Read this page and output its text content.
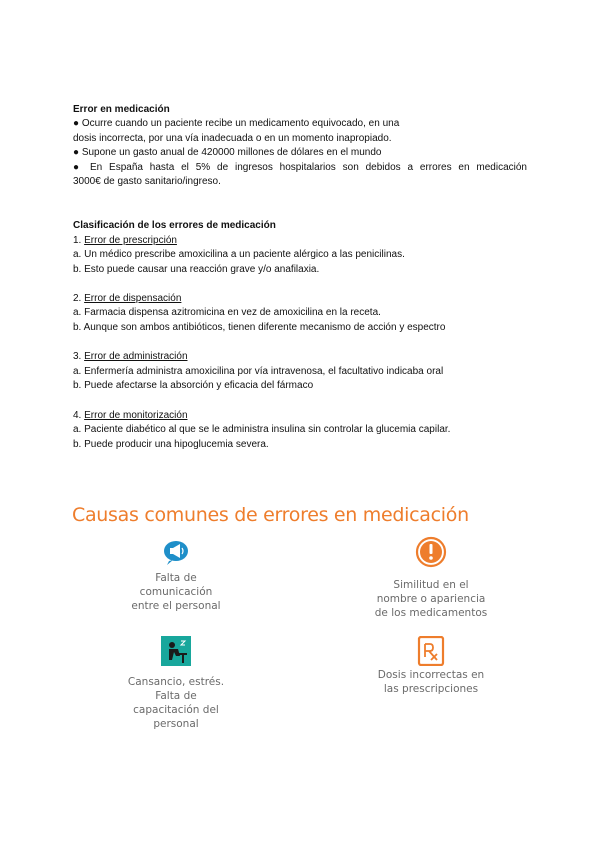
Error en medicación
● Ocurre cuando un paciente recibe un medicamento equivocado, en una
dosis incorrecta, por una vía inadecuada o en un momento inapropiado.
● Supone un gasto anual de 420000 millones de dólares en el mundo
● En España hasta el 5% de ingresos hospitalarios son debidos a errores en medicación
3000€ de gasto sanitario/ingreso.
Clasificación de los errores de medicación
1. Error de prescripción
a. Un médico prescribe amoxicilina a un paciente alérgico a las penicilinas.
b. Esto puede causar una reacción grave y/o anafilaxia.
2. Error de dispensación
a. Farmacia dispensa azitromicina en vez de amoxicilina en la receta.
b. Aunque son ambos antibióticos, tienen diferente mecanismo de acción y espectro
3. Error de administración
a. Enfermería administra amoxicilina por vía intravenosa, el facultativo indicaba oral
b. Puede afectarse la absorción y eficacia del fármaco
4. Error de monitorización
a. Paciente diabético al que se le administra insulina sin controlar la glucemia capilar.
b. Puede producir una hipoglucemia severa.
Causas comunes de errores en medicación
Falta de
comunicación
entre el personal
Similitud en el
nombre o apariencia
de los medicamentos
Cansancio, estrés.
Falta de
capacitación del
personal
Dosis incorrectas en
las prescripciones
